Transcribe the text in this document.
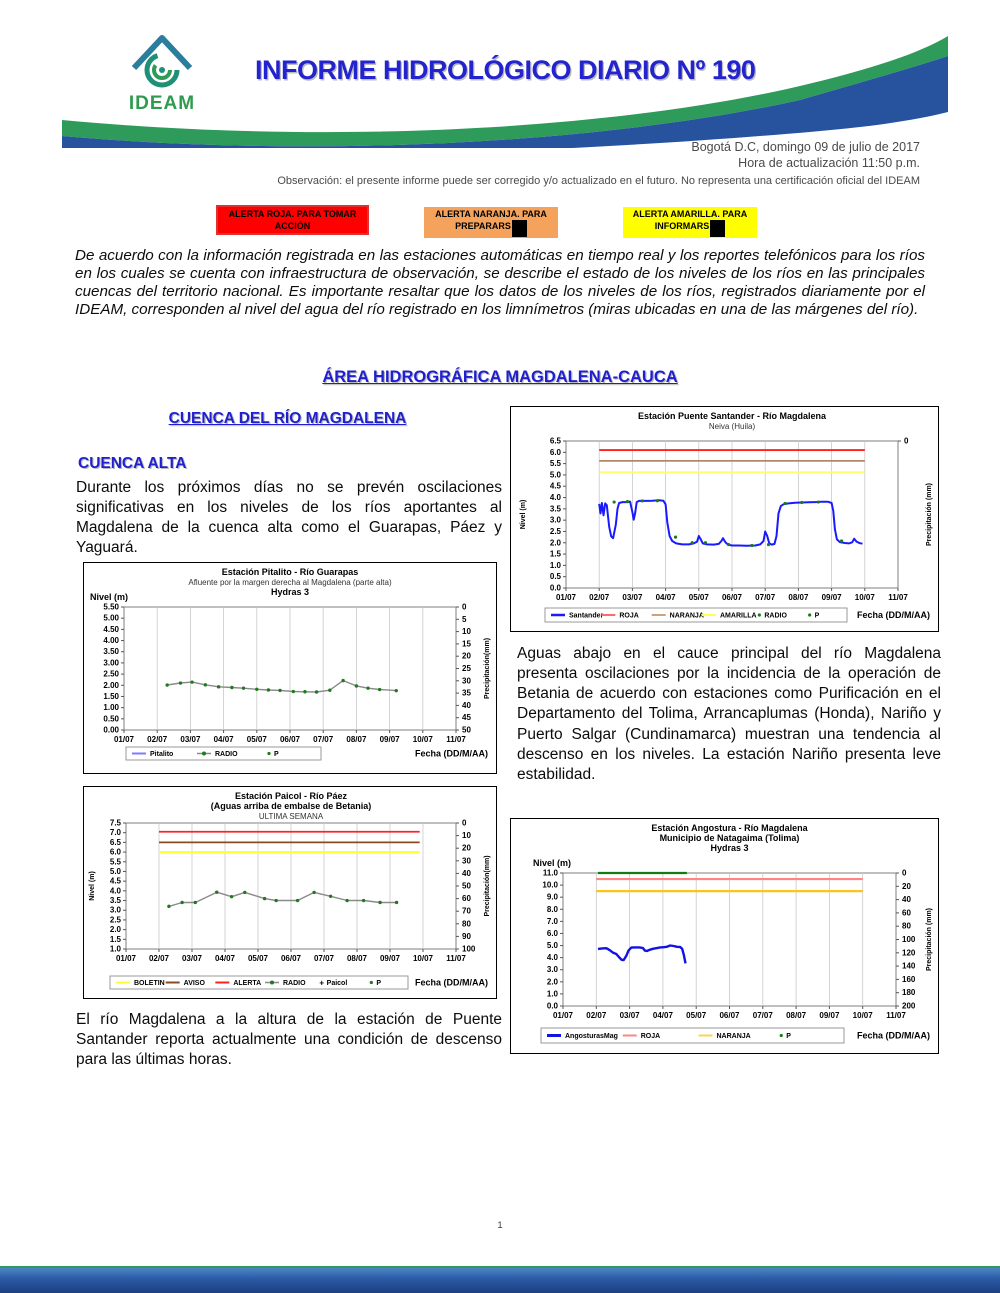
IDEAM
INFORME HIDROLÓGICO DIARIO Nº 190
Bogotá D.C, domingo 09 de julio de 2017
Hora de actualización 11:50 p.m.
Observación: el presente informe puede ser corregido y/o actualizado en el futuro. No representa una certificación oficial del IDEAM
ALERTA ROJA. PARA TOMAR
ACCIÓN
ALERTA NARANJA. PARA
PREPARARS
ALERTA AMARILLA. PARA
INFORMARS
De acuerdo con la información registrada en las estaciones automáticas en tiempo real y los reportes telefónicos para los ríos en los cuales se cuenta con infraestructura de observación, se describe el estado de los niveles de los ríos en las principales cuencas del territorio nacional. Es importante resaltar que los datos de los niveles de los ríos, registrados diariamente por el IDEAM, corresponden al nivel del agua del río registrado en los limnímetros (miras ubicadas en una de las márgenes del río).
ÁREA HIDROGRÁFICA MAGDALENA-CAUCA
CUENCA DEL RÍO MAGDALENA
CUENCA ALTA
Durante los próximos días no se prevén oscilaciones significativas en los niveles de los ríos aportantes al Magdalena de la cuenca alta como el Guarapas, Páez y Yaguará.
El río Magdalena a la altura de la estación de Puente Santander reporta actualmente una condición de descenso para las últimas horas.
Aguas abajo en el cauce principal del río Magdalena presenta oscilaciones por la incidencia de la operación de Betania de acuerdo con estaciones como Purificación en el Departamento del Tolima, Arrancaplumas (Honda), Nariño y Puerto Salgar (Cundinamarca) muestran una tendencia al descenso en los niveles. La estación Nariño presenta leve estabilidad.
01/07 02/07 03/07 04/07 05/07 06/07 07/07 08/07 09/07 10/07 11/07
5.50
5.00
4.50
4.00
3.50
3.00
2.50
2.00
1.50
1.00
0.50
0.00
0
5
10
15
20
25
30
35
40
45
50
Estación Pitalito - Río Guarapas
Afluente por la margen derecha al Magdalena (parte alta)
Hydras 3
Nivel (m)
Precipitación(mm)
Pitalito	RADIO	P	Fecha (DD/M/AA)
01/07 02/07 03/07 04/07 05/07 06/07 07/07 08/07 09/07 10/07 11/07
6.5
6.0
5.5
5.0
4.5
4.0
3.5
3.0
2.5
2.0
1.5
1.0
0.5
0.0
0
Estación Puente Santander - Río Magdalena
Neiva (Huila)
Nivel (m)	Precipitación (mm)
Santander ROJA	NARANJA AMARILLA RADIO	P	Fecha (DD/M/AA)
01/07 02/07 03/07 04/07 05/07 06/07 07/07 08/07 09/07 10/07 11/07
7.5
7.0
6.5
6.0
5.5
5.0
4.5
4.0
3.5
3.0
2.5
2.0
1.5
1.0
0
10
20
30
40
50
60
70
80
90
100
Estación Paicol - Río Páez
(Aguas arriba de embalse de Betania)
ULTIMA SEMANA
Nivel (m)	Precipitación(mm)
BOLETIN	AVISO	ALERTA	RADIO + Paicol	P	Fecha (DD/M/AA)
01/07 02/07 03/07 04/07 05/07 06/07 07/07 08/07 09/07 10/07 11/07
11.0
10.0
9.0
8.0
7.0
6.0
5.0
4.0
3.0
2.0
1.0
0.0
0
20
40
60
80
100
120
140
160
180
200
Estación Angostura - Río Magdalena
Municipio de Natagaima (Tolima)
Hydras 3
Nivel (m)
Precipitación (mm)
AngosturasMag	ROJA	NARANJA	P	Fecha (DD/M/AA)
1
